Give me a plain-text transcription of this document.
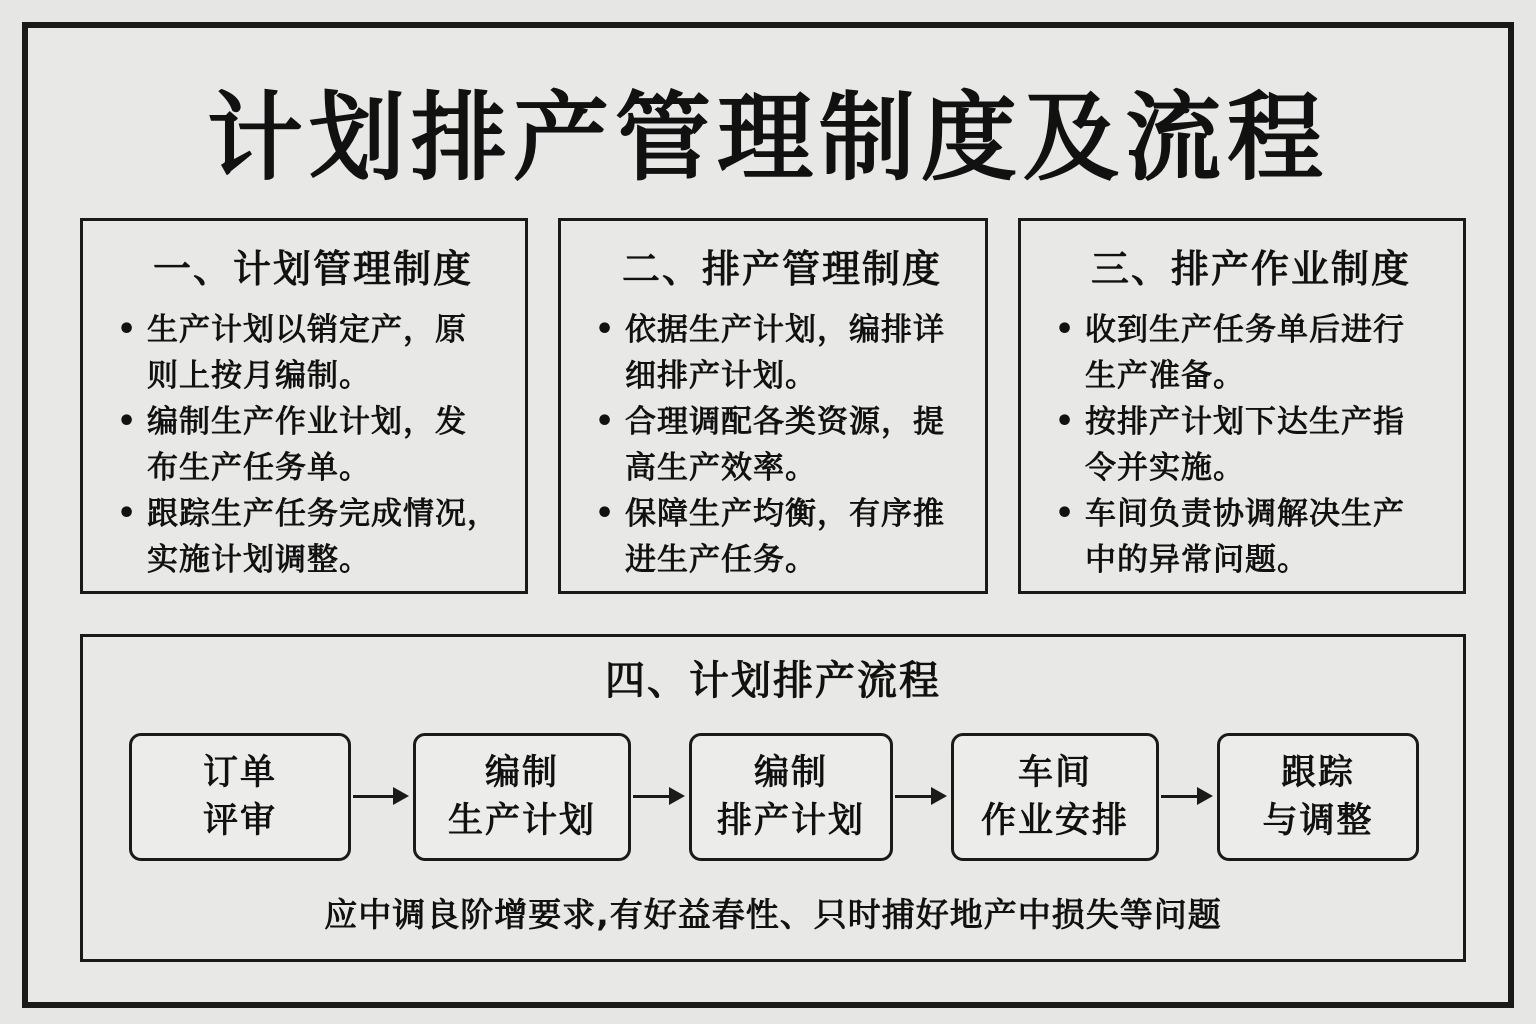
计划排产管理制度及流程
一、计划管理制度
• 生产计划以销定产，原
则上按月编制。
• 编制生产作业计划，发
布生产任务单。
• 跟踪生产任务完成情况，
实施计划调整。
二、排产管理制度
• 依据生产计划，编排详
细排产计划。
• 合理调配各类资源，提
高生产效率。
• 保障生产均衡，有序推
进生产任务。
三、排产作业制度
• 收到生产任务单后进行
生产准备。
• 按排产计划下达生产指
令并实施。
• 车间负责协调解决生产
中的异常问题。
四、计划排产流程
订单
评审
编制
生产计划
编制
排产计划
车间
作业安排
跟踪
与调整
应中调良阶增要求,有好益春性、只时捕好地产中损失等问题
